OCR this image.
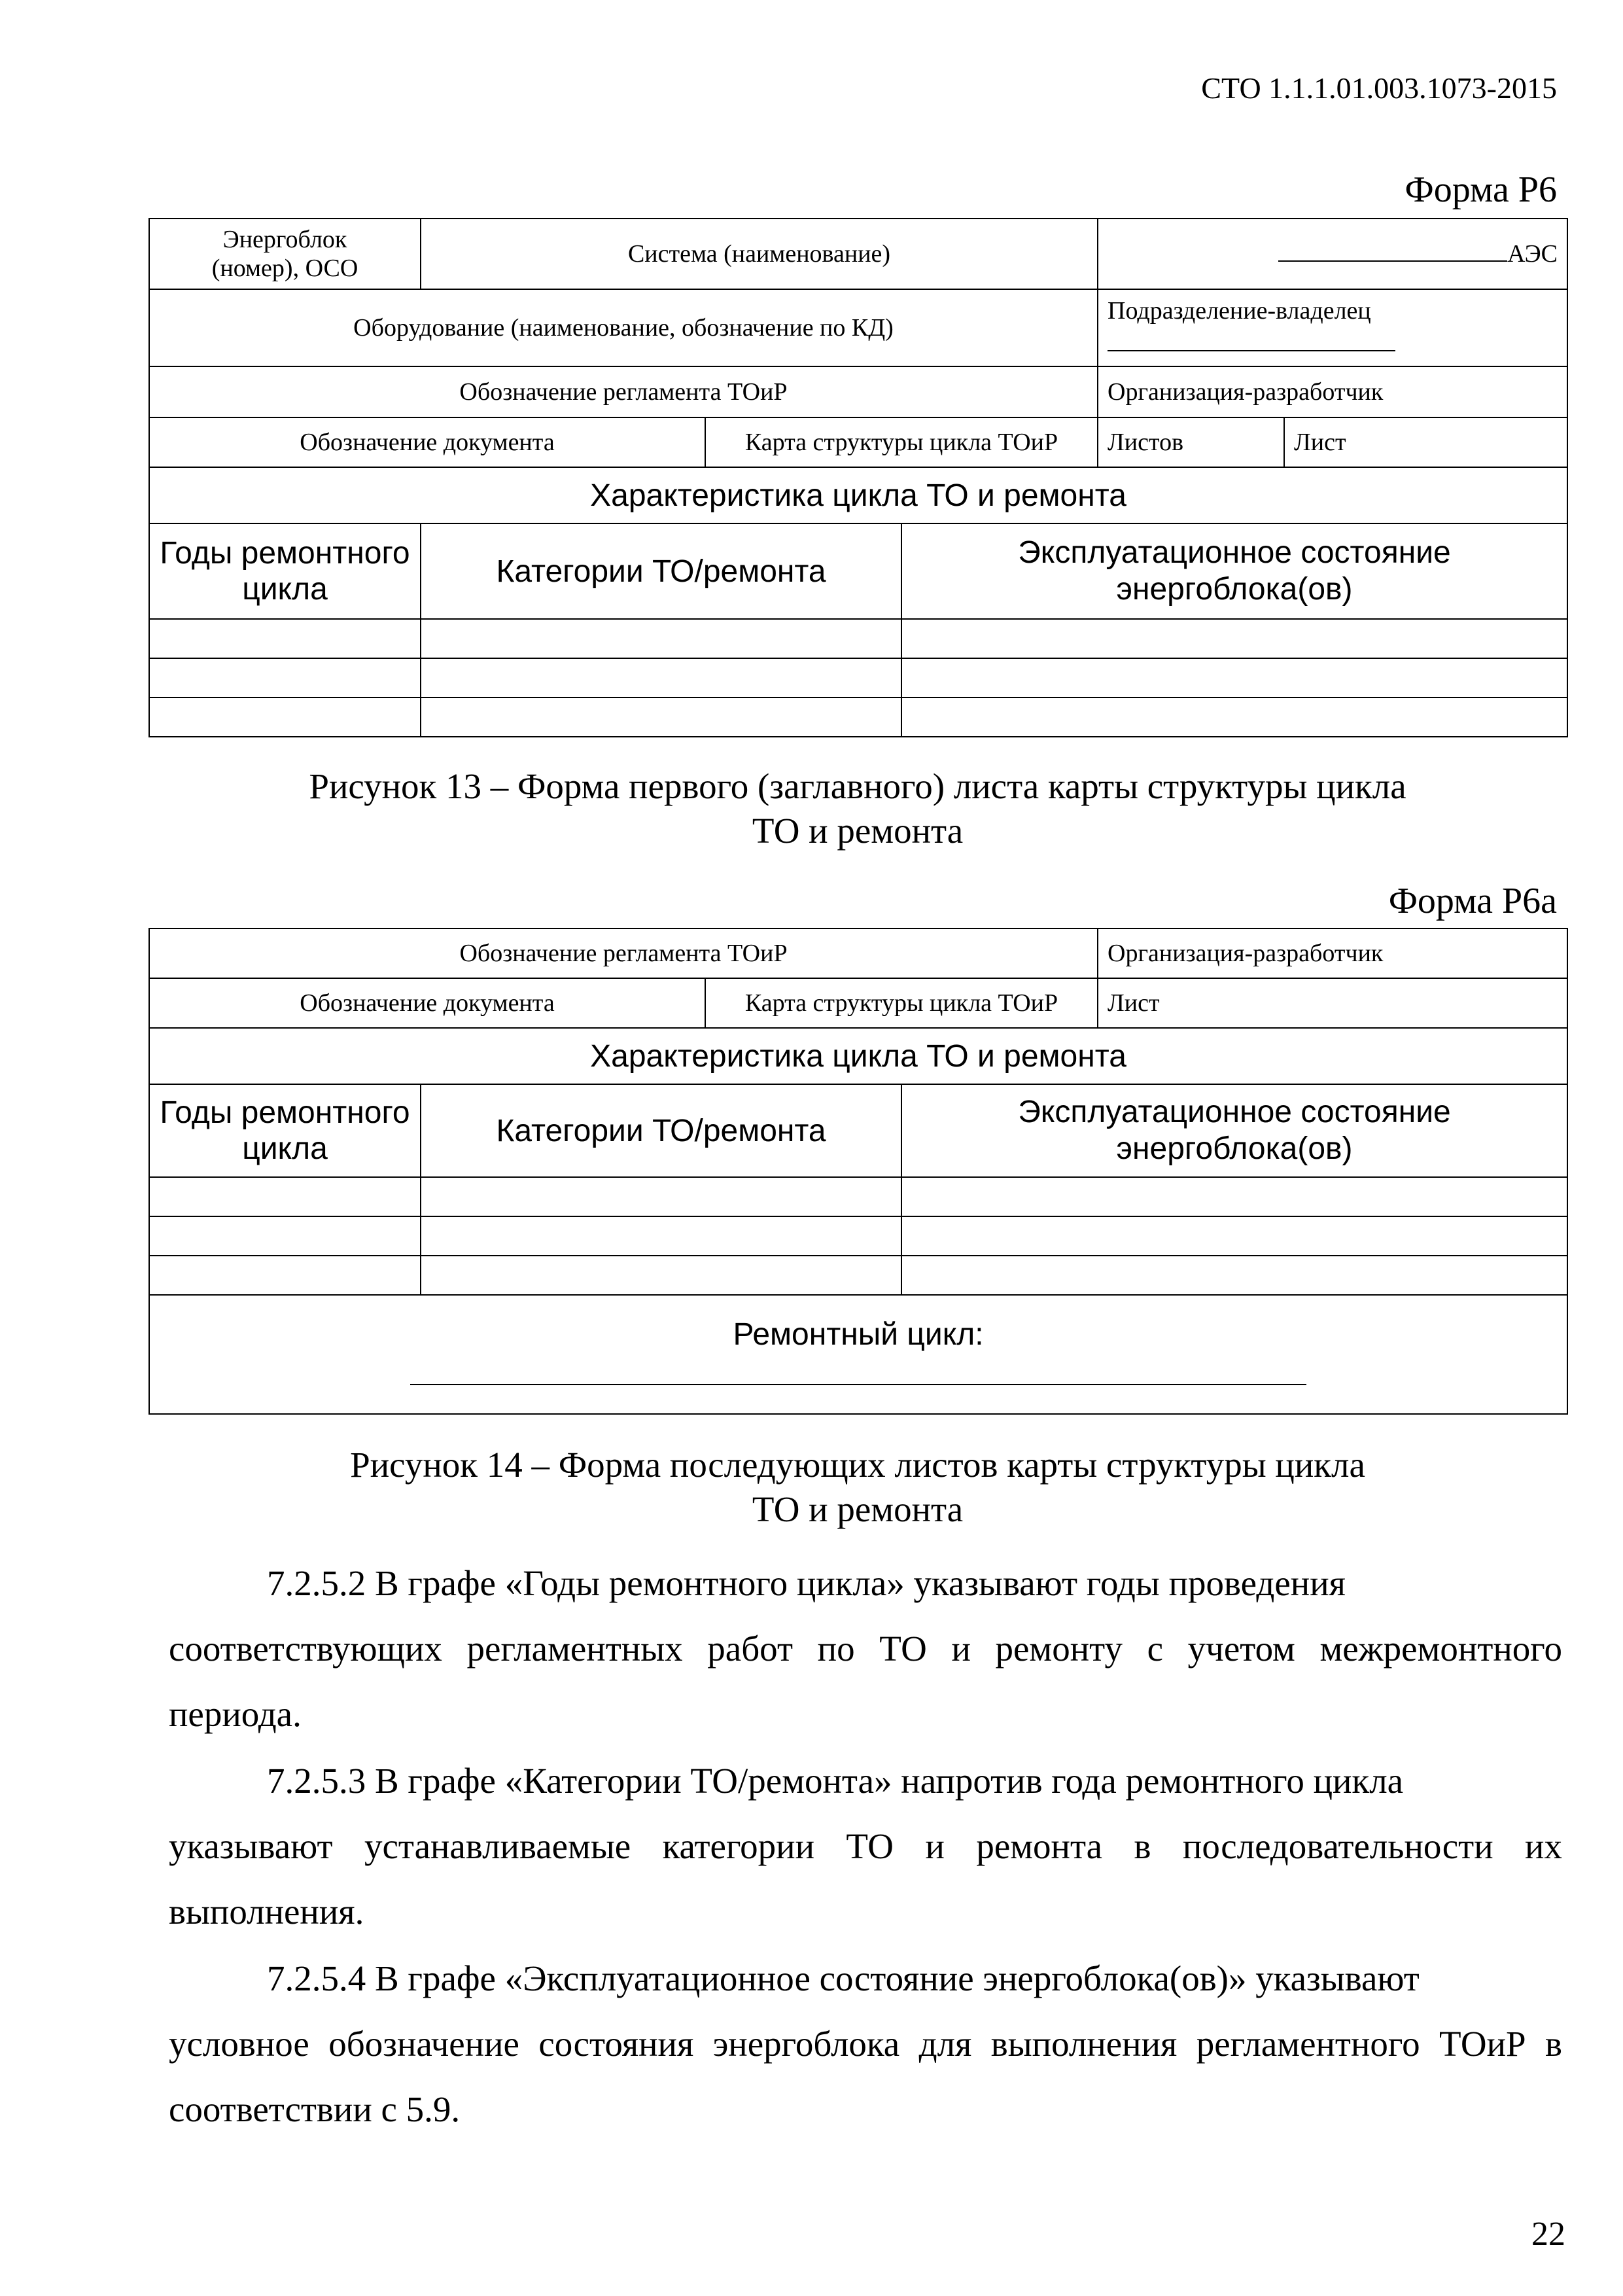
СТО 1.1.1.01.003.1073-2015
Форма Р6
Энергоблок
(номер), ОСО	Система (наименование)			АЭС	
Оборудование (наименование, обозначение по КД)				Подразделение-владелец	

Обозначение регламента ТОиР				Организация-разработчик	
Обозначение документа		Карта структуры цикла ТОиР		Листов	Лист
Характеристика цикла ТО и ремонта					
Годы ремонтного цикла	Категории ТО/ремонта		Эксплуатационное состояние
энергоблока(ов)		

Рисунок 13 – Форма первого (заглавного) листа карты структуры цикла
ТО и ремонта
Форма Р6а
Обозначение регламента ТОиР				Организация-разработчик
Обозначение документа		Карта структуры цикла ТОиР		Лист
Характеристика цикла ТО и ремонта				
Годы ремонтного цикла	Категории ТО/ремонта		Эксплуатационное состояние
энергоблока(ов)	

Ремонтный цикл:				
Рисунок 14 – Форма последующих листов карты структуры цикла
ТО и ремонта
7.2.5.2 В графе «Годы ремонтного цикла» указывают годы проведения
соответствующих регламентных работ по ТО и ремонту с учетом межремонтного периода.
7.2.5.3 В графе «Категории ТО/ремонта» напротив года ремонтного цикла
указывают устанавливаемые категории ТО и ремонта в последовательности их выполнения.
7.2.5.4 В графе «Эксплуатационное состояние энергоблока(ов)» указывают
условное обозначение состояния энергоблока для выполнения регламентного ТОиР в соответствии с 5.9.
22
